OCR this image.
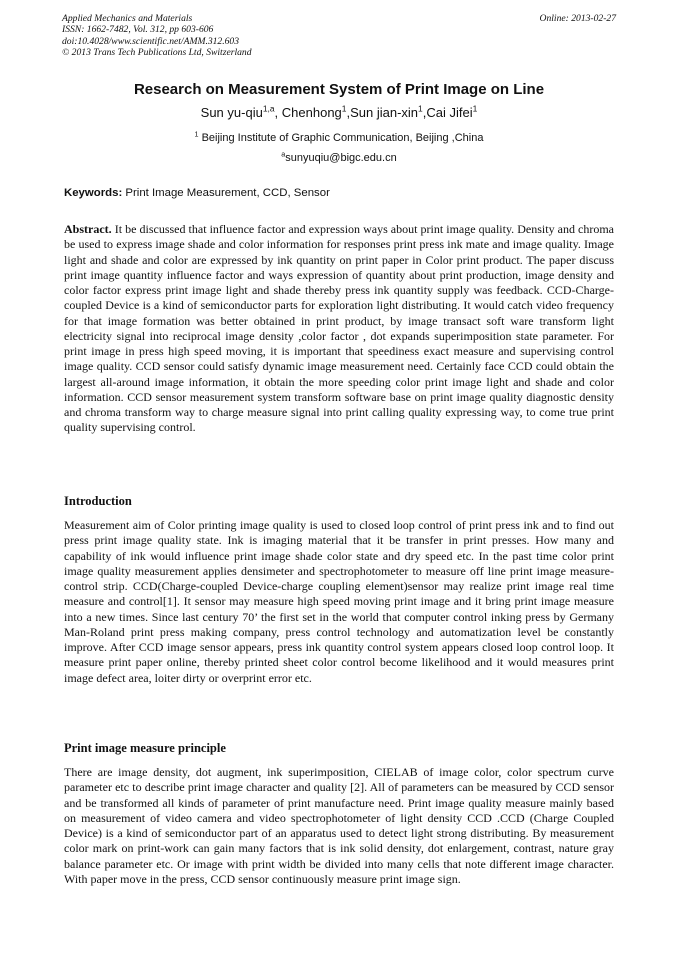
Applied Mechanics and Materials
ISSN: 1662-7482, Vol. 312, pp 603-606
doi:10.4028/www.scientific.net/AMM.312.603
© 2013 Trans Tech Publications Ltd, Switzerland
Online: 2013-02-27
Research on Measurement System of Print Image on Line
Sun yu-qiu$^{1,a}$, Chenhong$^1$,Sun jian-xin$^1$,Cai Jifei$^1$
$^1$ Beijing Institute of Graphic Communication, Beijing ,China
$^a$sunyuqiu@bigc.edu.cn
Keywords: Print Image Measurement, CCD, Sensor
Abstract. It be discussed that influence factor and expression ways about print image quality. Density and chroma be used to express image shade and color information for responses print press ink mate and image quality. Image light and shade and color are expressed by ink quantity on print paper in Color print product. The paper discuss print image quantity influence factor and ways expression of quantity about print production, image density and color factor express print image light and shade thereby press ink quantity supply was feedback. CCD-Charge-coupled Device is a kind of semiconductor parts for exploration light distributing. It would catch video frequency for that image formation was better obtained in print product, by image transact soft ware transform light electricity signal into reciprocal image density ,color factor , dot expands superimposition state parameter. For print image in press high speed moving, it is important that speediness exact measure and supervising control image quality. CCD sensor could satisfy dynamic image measurement need. Certainly face CCD could obtain the largest all-around image information, it obtain the more speeding color print image light and shade and color information. CCD sensor measurement system transform software base on print image quality diagnostic density and chroma transform way to charge measure signal into print calling quality expressing way, to come true print quality supervising control.
Introduction
Measurement aim of Color printing image quality is used to closed loop control of print press ink and to find out press print image quality state. Ink is imaging material that it be transfer in print presses. How many and capability of ink would influence print image shade color state and dry speed etc. In the past time color print image quality measurement applies densimeter and spectrophotometer to measure off line print image measure-control strip. CCD(Charge-coupled Device-charge coupling element)sensor may realize print image real time measure and control[1]. It sensor may measure high speed moving print image and it bring print image measure into a new times. Since last century 70’ the first set in the world that computer control inking press by Germany Man-Roland print press making company, press control technology and automatization level be constantly improve. After CCD image sensor appears, press ink quantity control system appears closed loop control loop. It measure print paper online, thereby printed sheet color control become likelihood and it would measures print image defect area, loiter dirty or overprint error etc.
Print image measure principle
There are image density, dot augment, ink superimposition, CIELAB of image color, color spectrum curve parameter etc to describe print image character and quality [2]. All of parameters can be measured by CCD sensor and be transformed all kinds of parameter of print manufacture need. Print image quality measure mainly based on measurement of video camera and video spectrophotometer of light density CCD .CCD (Charge Coupled Device) is a kind of semiconductor part of an apparatus used to detect light strong distributing. By measurement color mark on print-work can gain many factors that is ink solid density, dot enlargement, contrast, nature gray balance parameter etc. Or image with print width be divided into many cells that note different image character. With paper move in the press, CCD sensor continuously measure print image sign.
